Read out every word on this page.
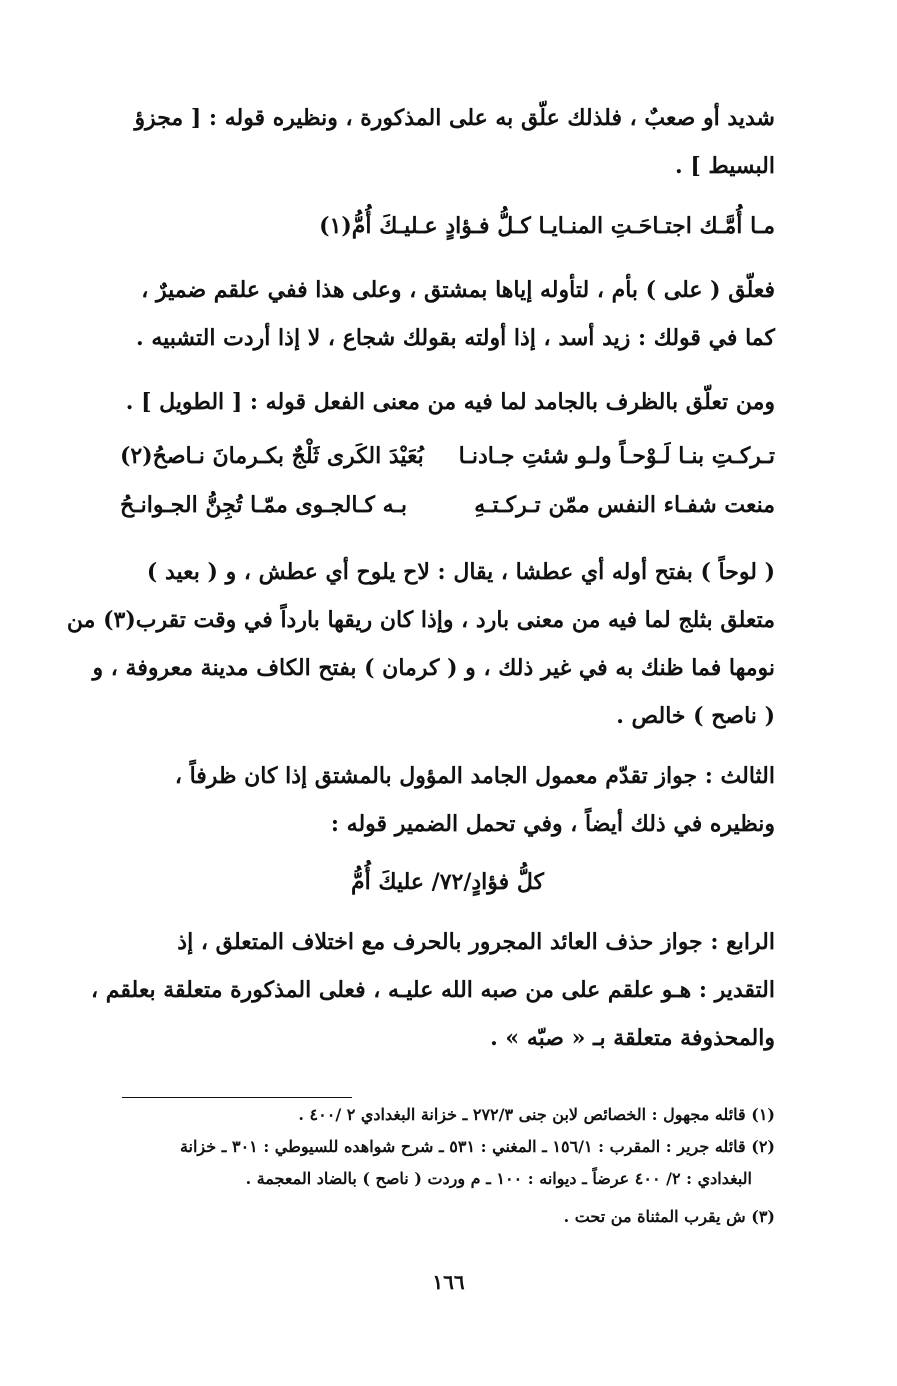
شديد أو صعبٌ ، فلذلك علّق به على المذكورة ، ونظيره قوله : [ مجزؤ
البسيط ] .
مـا أُمَّـك اجتـاحَـتِ المنـايـا كـلُّ فـؤادٍ عـليـكَ أُمُّ(١)
فعلّق ( على ) بأم ، لتأوله إياها بمشتق ، وعلى هذا ففي علقم ضميرٌ ،
كما في قولك : زيد أسد ، إذا أولته بقولك شجاع ، لا إذا أردت التشبيه .
ومن تعلّق بالظرف بالجامد لما فيه من معنى الفعل قوله : [ الطويل ] .
تـركـتِ بنـا لَـوْحـاً ولـو شئتِ جـادنـا
بُعَيْدَ الكَرى ثَلْجٌ بكـرمانَ نـاصحُ(٢)
منعت شفـاء النفس ممّن تـركـتـهِ
بـه كـالجـوى ممّـا تُجِنُّ الجـوانـحُ
( لوحاً ) بفتح أوله أي عطشا ، يقال : لاح يلوح أي عطش ، و ( بعيد )
متعلق بثلج لما فيه من معنى بارد ، وإذا كان ريقها بارداً في وقت تقرب(٣) من
نومها فما ظنك به في غير ذلك ، و ( كرمان ) بفتح الكاف مدينة معروفة ، و
( ناصح ) خالص .
الثالث : جواز تقدّم معمول الجامد المؤول بالمشتق إذا كان ظرفاً ،
ونظيره في ذلك أيضاً ، وفي تحمل الضمير قوله :
كلُّ فؤادٍ/٧٢/ عليكَ أُمُّ
الرابع : جواز حذف العائد المجرور بالحرف مع اختلاف المتعلق ، إذ
التقدير : هـو علقم على من صبه الله عليـه ، فعلى المذكورة متعلقة بعلقم ،
والمحذوفة متعلقة بـ « صبّه » .
(١) قائله مجهول : الخصائص لابن جنى ٢٧٢/٣ ـ خزانة البغدادي ٢ /٤٠٠ .
(٢) قائله جرير : المقرب : ١٥٦/١ ـ المغني : ٥٣١ ـ شرح شواهده للسيوطي : ٣٠١ ـ خزانة
البغدادي : ٢/ ٤٠٠ عرضاً ـ ديوانه : ١٠٠ ـ م وردت ( ناصح ) بالضاد المعجمة .
(٣) ش يقرب المثناة من تحت .
١٦٦
